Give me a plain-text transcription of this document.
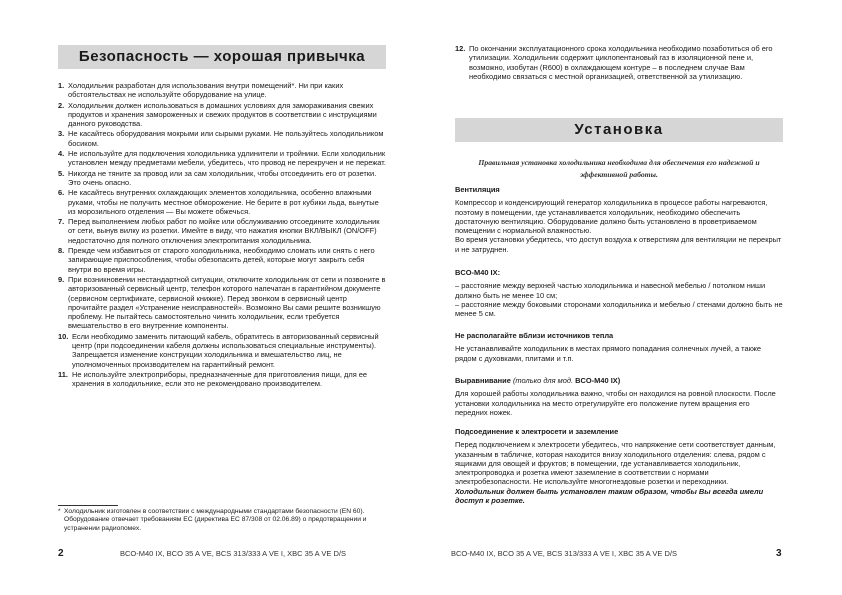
Безопасность — хорошая привычка
1. Холодильник разработан для использования внутри помещений*. Ни при каких обстоятельствах не используйте оборудование на улице.
2. Холодильник должен использоваться в домашних условиях для замораживания свежих продуктов и хранения замороженных и свежих продуктов в соответствии с инструкциями данного руководства.
3. Не касайтесь оборудования мокрыми или сырыми руками. Не пользуйтесь холодильником босиком.
4. Не используйте для подключения холодильника удлинители и тройники. Если холодильник установлен между предметами мебели, убедитесь, что провод не перекручен и не пережат.
5. Никогда не тяните за провод или за сам холодильник, чтобы отсоединить его от розетки. Это очень опасно.
6. Не касайтесь внутренних охлаждающих элементов холодильника, особенно влажными руками, чтобы не получить местное обморожение. Не берите в рот кубики льда, вынутые из морозильного отделения — Вы можете обжечься.
7. Перед выполнением любых работ по мойке или обслуживанию отсоедините холодильник от сети, вынув вилку из розетки. Имейте в виду, что нажатия кнопки ВКЛ/ВЫКЛ (ON/OFF) недостаточно для полного отключения электропитания холодильника.
8. Прежде чем избавиться от старого холодильника, необходимо сломать или снять с него запирающие приспособления, чтобы обезопасить детей, которые могут закрыть себя внутри во время игры.
9. При возникновении нестандартной ситуации, отключите холодильник от сети и позвоните в авторизованный сервисный центр, телефон которого напечатан в гарантийном документе (сервисном сертификате, сервисной книжке). Перед звонком в сервисный центр прочитайте раздел «Устранение неисправностей». Возможно Вы сами решите возникшую проблему. Не пытайтесь самостоятельно чинить холодильник, если требуется вмешательство в его внутренние компоненты.
10. Если необходимо заменить питающий кабель, обратитесь в авторизованный сервисный центр (при подсоединении кабеля должны использоваться специальные инструменты).
Запрещается изменение конструкции холодильника и вмешательство лиц, не уполномоченных производителем на гарантийный ремонт.
11. Не используйте электроприборы, предназначенные для приготовления пищи, для ее хранения в холодильнике, если это не рекомендовано производителем.
* Холодильник изготовлен в соответствии с международными стандартами безопасности (EN 60). Оборудование отвечает требованиям ЕС (директива ЕС 87/308 от 02.06.89) о предотвращении и устранении радиопомех.
2	BCO-M40 IX, BCO 35 A VE, BCS 313/333 A VE I, XBC 35 A VE D/S
12. По окончании эксплуатационного срока холодильника необходимо позаботиться об его утилизации. Холодильник содержит циклопентановый газ в изоляционной пене и, возможно, изобутан (R600) в охлаждающем контуре – в последнем случае Вам необходимо связаться с местной организацией, ответственной за утилизацию.
Установка
Правильная установка холодильника необходима для обеспечения его надежной и эффективной работы.
Вентиляция
Компрессор и конденсирующий генератор холодильника в процессе работы нагреваются, поэтому в помещении, где устанавливается холодильник, необходимо обеспечить достаточную вентиляцию. Оборудование должно быть установлено в проветриваемом помещении с нормальной влажностью.
Во время установки убедитесь, что доступ воздуха к отверстиям для вентиляции не перекрыт и не затруднен.
BCO-M40 IX:
– расстояние между верхней частью холодильника и навесной мебелью / потолком ниши должно быть не менее 10 см;
– расстояние между боковыми сторонами холодильника и мебелью / стенами должно быть не менее 5 см.
Не располагайте вблизи источников тепла
Не устанавливайте холодильник в местах прямого попадания солнечных лучей, а также рядом с духовками, плитами и т.п.
Выравнивание (только для мод. BCO-M40 IX)
Для хорошей работы холодильника важно, чтобы он находился на ровной плоскости. После установки холодильника на место отрегулируйте его положение путем вращения его передних ножек.
Подсоединение к электросети и заземление
Перед подключением к электросети убедитесь, что напряжение сети соответствует данным, указанным в табличке, которая находится внизу холодильного отделения: слева, рядом с ящиками для овощей и фруктов; в помещении, где устанавливается холодильник, электропроводка и розетка имеют заземление в соответствии с нормами электробезопасности. Не используйте многогнездовые розетки и переходники.
Холодильник должен быть установлен таким образом, чтобы Вы всегда имели доступ к розетке.
BCO-M40 IX, BCO 35 A VE, BCS 313/333 A VE I, XBC 35 A VE D/S	3
